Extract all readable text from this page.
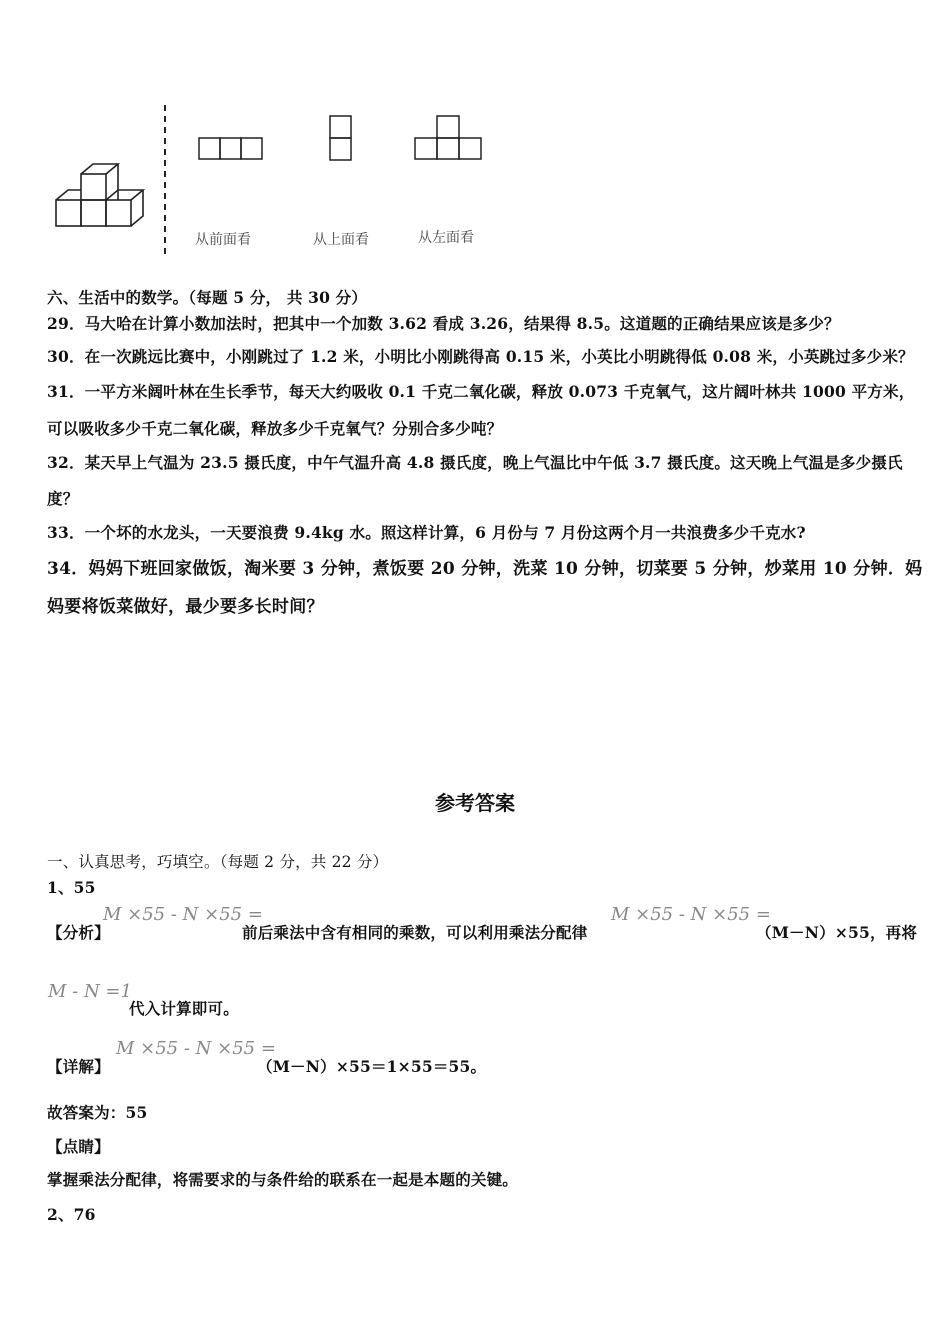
从前面看	从上面看	从左面看
六、生活中的数学。（每题 5 分， 共 30 分）
29．马大哈在计算小数加法时，把其中一个加数 3.62 看成 3.26，结果得 8.5。这道题的正确结果应该是多少？
30．在一次跳远比赛中，小刚跳过了 1.2 米，小明比小刚跳得高 0.15 米，小英比小明跳得低 0.08 米，小英跳过多少米？
31．一平方米阔叶林在生长季节，每天大约吸收 0.1 千克二氧化碳，释放 0.073 千克氧气，这片阔叶林共 1000 平方米，
可以吸收多少千克二氧化碳，释放多少千克氧气？分别合多少吨？
32．某天早上气温为 23.5 摄氏度，中午气温升高 4.8 摄氏度，晚上气温比中午低 3.7 摄氏度。这天晚上气温是多少摄氏
度？
33．一个坏的水龙头，一天要浪费 9.4kg 水。照这样计算，6 月份与 7 月份这两个月一共浪费多少千克水?
34．妈妈下班回家做饭，淘米要 3 分钟，煮饭要 20 分钟，洗菜 10 分钟，切菜要 5 分钟，炒菜用 10 分钟．妈
妈要将饭菜做好，最少要多长时间？
参考答案
一、认真思考，巧填空。（每题 2 分，共 22 分）
1、55
【分析】
M ×55 - N ×55 =
前后乘法中含有相同的乘数，可以利用乘法分配律
M ×55 - N ×55 =
（M－N）×55，再将
M - N =1
代入计算即可。
【详解】
M ×55 - N ×55 =
（M－N）×55＝1×55＝55。
故答案为：55
【点睛】
掌握乘法分配律，将需要求的与条件给的联系在一起是本题的关键。
2、76
